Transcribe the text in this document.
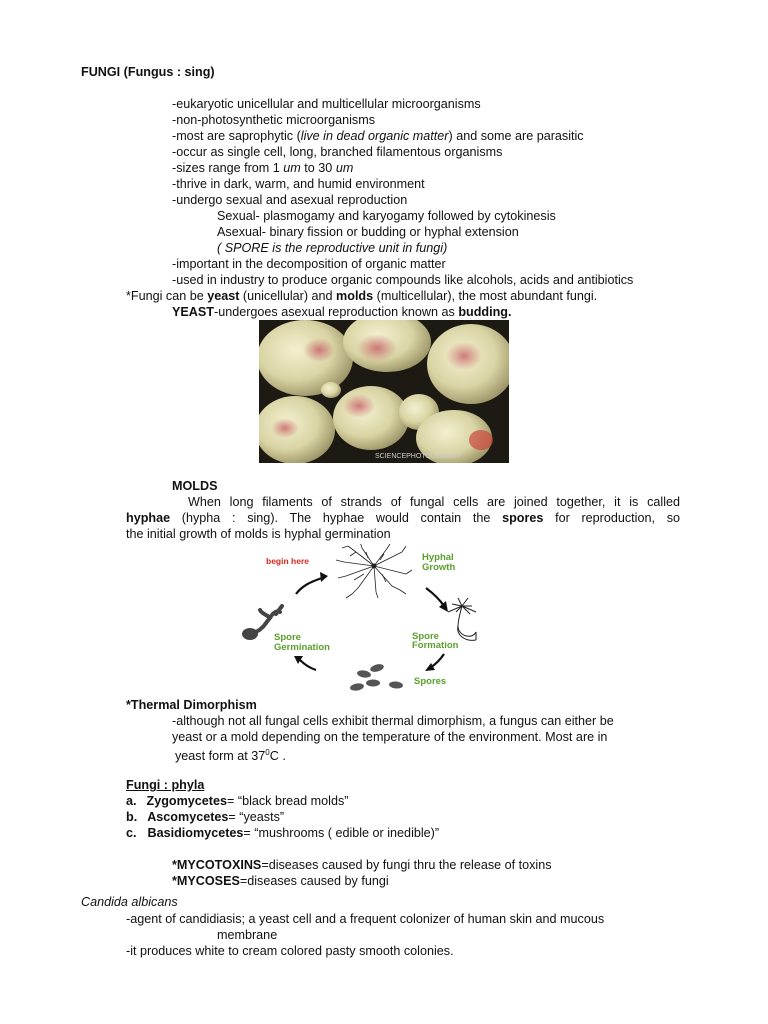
FUNGI (Fungus : sing)
-eukaryotic unicellular and multicellular microorganisms
-non-photosynthetic microorganisms
-most are saprophytic (live in dead organic matter) and some are parasitic
-occur as single cell, long, branched filamentous organisms
-sizes range from 1 um to 30 um
-thrive in dark, warm, and humid environment
-undergo sexual and asexual reproduction
Sexual- plasmogamy and karyogamy followed by cytokinesis
Asexual- binary fission or budding or hyphal extension
( SPORE is the reproductive unit in fungi)
-important in the decomposition of organic matter
-used in industry to produce organic compounds like alcohols, acids and antibiotics
*Fungi can be yeast (unicellular) and molds (multicellular), the most abundant fungi.
YEAST-undergoes asexual reproduction known as budding.
SCIENCEPHOTOLIBRARY
MOLDS
When long filaments of strands of fungal cells are joined together, it is called
hyphae (hypha : sing). The hyphae would contain the spores for reproduction, so
the initial growth of molds is hyphal germination
begin here	Hyphal
Growth
Spore
Formation
Spores
Spore
Germination
*Thermal Dimorphism
-although not all fungal cells exhibit thermal dimorphism, a fungus can either be
yeast or a mold depending on the temperature of the environment. Most are in
yeast form at $37^0C$ .
Fungi : phyla
a. Zygomycetes= “black bread molds”
b. Ascomycetes= “yeasts”
c. Basidiomycetes= “mushrooms ( edible or inedible)”
*MYCOTOXINS=diseases caused by fungi thru the release of toxins
*MYCOSES=diseases caused by fungi
Candida albicans
-agent of candidiasis; a yeast cell and a frequent colonizer of human skin and mucous
membrane
-it produces white to cream colored pasty smooth colonies.
